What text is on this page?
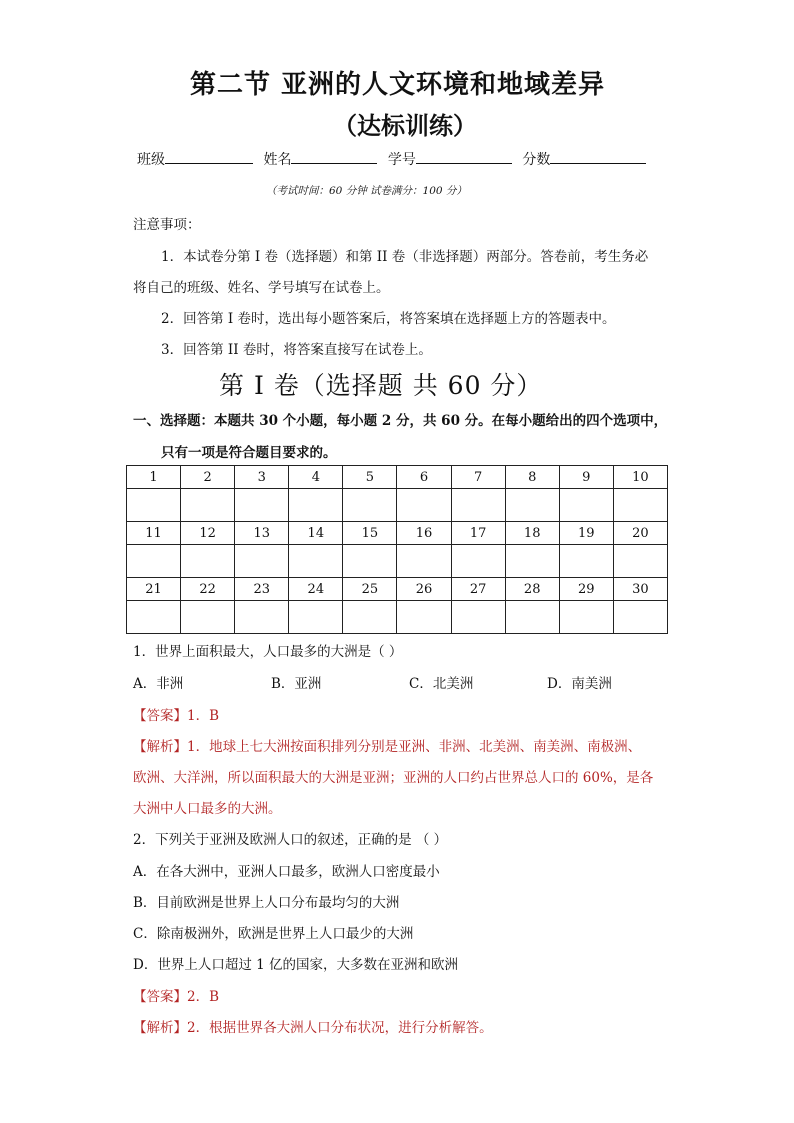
第二节 亚洲的人文环境和地域差异
（达标训练）
班级	姓名	学号	分数
（考试时间：60 分钟 试卷满分：100 分）
注意事项：
1．本试卷分第 I 卷（选择题）和第 II 卷（非选择题）两部分。答卷前，考生务必
将自己的班级、姓名、学号填写在试卷上。
2．回答第 I 卷时，选出每小题答案后，将答案填在选择题上方的答题表中。
3．回答第 II 卷时，将答案直接写在试卷上。
第 I 卷（选择题 共 60 分）
一、选择题：本题共 30 个小题，每小题 2 分，共 60 分。在每小题给出的四个选项中，
只有一项是符合题目要求的。
1	2	3	4	5	6	7	8	9	10

11	12	13	14	15	16	17	18	19	20

21	22	23	24	25	26	27	28	29	30

1．世界上面积最大，人口最多的大洲是（ ）
A．非洲	B．亚洲	C．北美洲	D．南美洲
【答案】1．B
【解析】1．地球上七大洲按面积排列分别是亚洲、非洲、北美洲、南美洲、南极洲、
欧洲、大洋洲，所以面积最大的大洲是亚洲；亚洲的人口约占世界总人口的 60%，是各
大洲中人口最多的大洲。
2．下列关于亚洲及欧洲人口的叙述，正确的是 （ ）
A．在各大洲中，亚洲人口最多，欧洲人口密度最小
B．目前欧洲是世界上人口分布最均匀的大洲
C．除南极洲外，欧洲是世界上人口最少的大洲
D．世界上人口超过 1 亿的国家，大多数在亚洲和欧洲
【答案】2．B
【解析】2．根据世界各大洲人口分布状况，进行分析解答。
